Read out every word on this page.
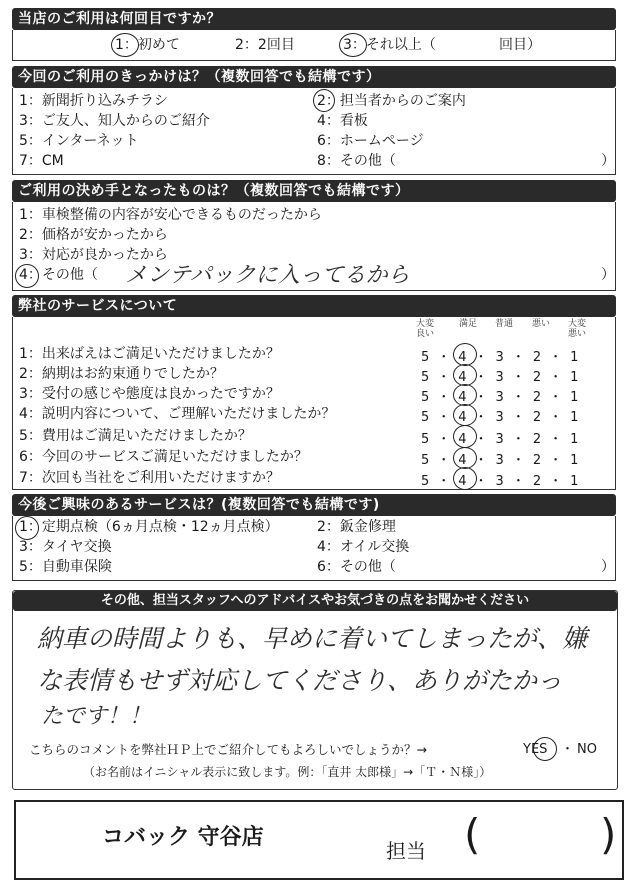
当店のご利用は何回目ですか？
1：初めて	2：2回目	3：それ以上（	回目）
今回のご利用のきっかけは？（複数回答でも結構です）
1：新聞折り込みチラシ	2：担当者からのご案内
3：ご友人、知人からのご紹介	4：看板
5：インターネット	6：ホームページ
7：CM	8：その他（	）
ご利用の決め手となったものは？（複数回答でも結構です）
1：車検整備の内容が安心できるものだったから
2：価格が安かったから
3：対応が良かったから
4：その他（	）
メンテパックに入ってるから
弊社のサービスについて
大変良い
満足	普通	悪い	大変悪い
1：出来ばえはご満足いただけましたか？	5・4・3・2・1
2：納期はお約束通りでしたか？	5・4・3・2・1
3：受付の感じや態度は良かったですか？	5・4・3・2・1
4：説明内容について、ご理解いただけましたか？	5・4・3・2・1
5：費用はご満足いただけましたか？	5・4・3・2・1
6：今回のサービスご満足いただけましたか？	5・4・3・2・1
7：次回も当社をご利用いただけますか？	5・4・3・2・1
今後ご興味のあるサービスは？(複数回答でも結構です)
1：定期点検（6ヵ月点検・12ヵ月点検）	2：鈑金修理
3：タイヤ交換	4：オイル交換
5：自動車保険	6：その他（	）
その他、担当スタッフへのアドバイスやお気づきの点をお聞かせください
納車の時間よりも、早めに着いてしまったが、嫌
な表情もせず対応してくださり、ありがたかっ
たです！！
こちらのコメントを弊社ＨＰ上でご紹介してもよろしいでしょうか？→	YES ・ NO
（お名前はイニシャル表示に致します。例：「直井 太郎様」→「Ｔ・Ｎ様」）
コバック 守谷店
担当 (	)
